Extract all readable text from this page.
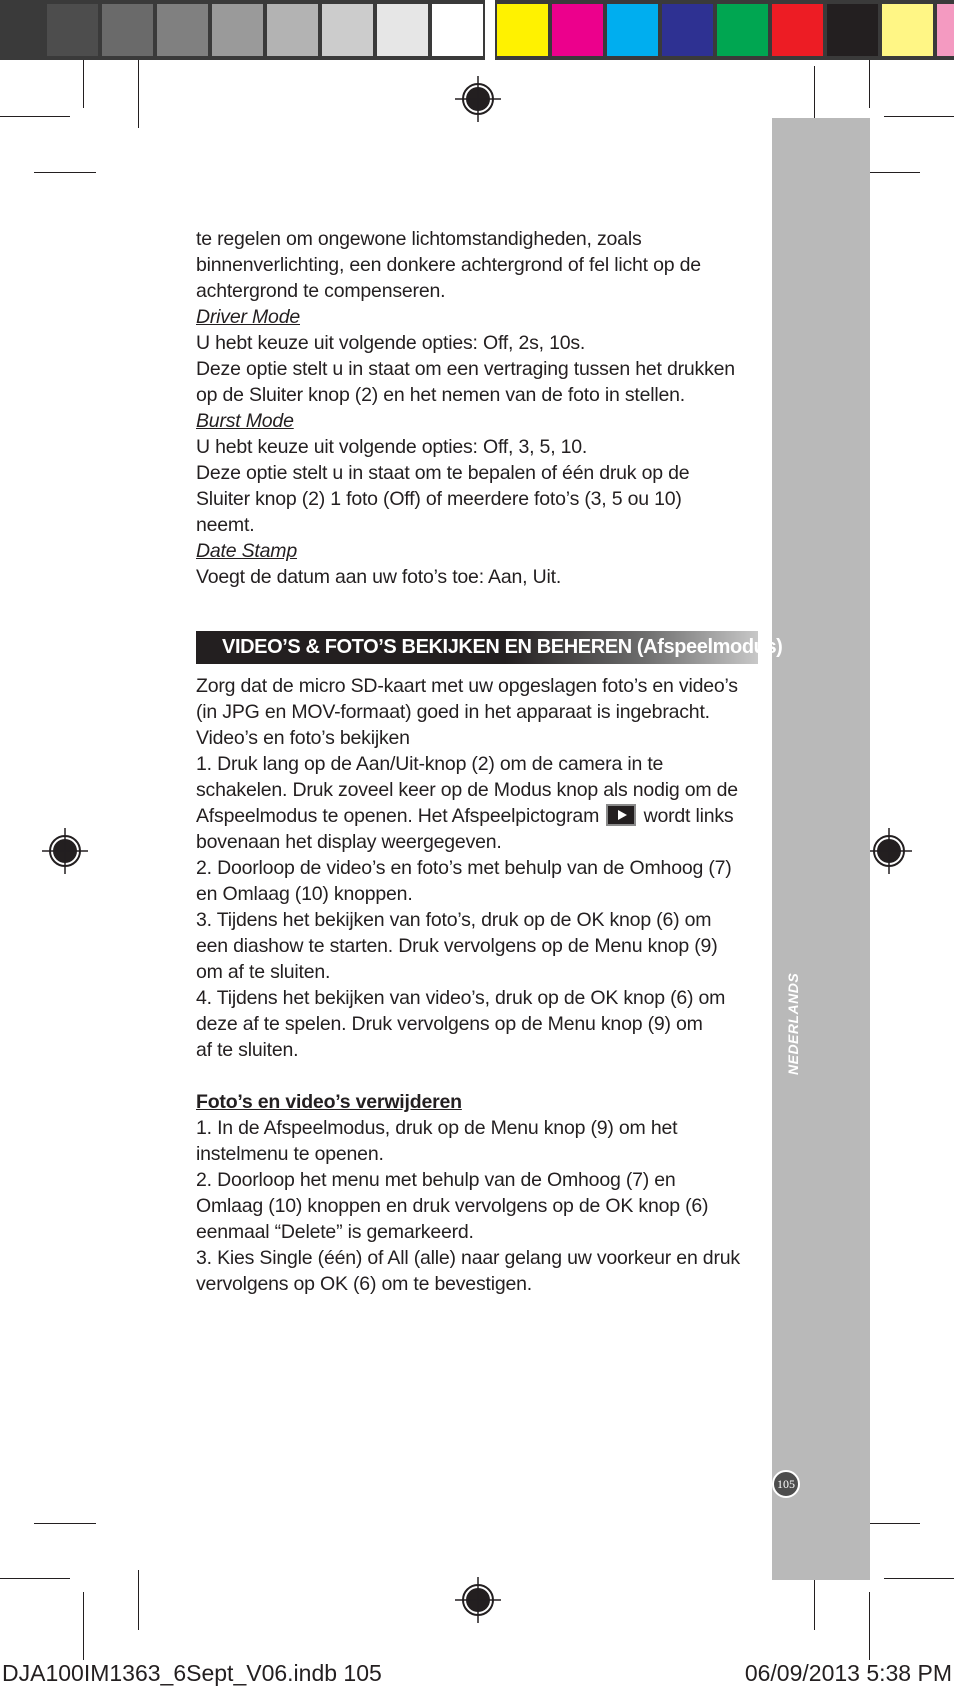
NEDERLANDS
105

te regelen om ongewone lichtomstandigheden, zoals

binnenverlichting, een donkere achtergrond of fel licht op de

achtergrond te compenseren.

Driver Mode

U hebt keuze uit volgende opties: Off, 2s, 10s.

Deze optie stelt u in staat om een vertraging tussen het drukken

op de Sluiter knop (2) en het nemen van de foto in stellen.

Burst Mode

U hebt keuze uit volgende opties: Off, 3, 5, 10.

Deze optie stelt u in staat om te bepalen of één druk op de

Sluiter knop (2) 1 foto (Off) of meerdere foto’s (3, 5 ou 10)

neemt.

Date Stamp

Voegt de datum aan uw foto’s toe: Aan, Uit.

VIDEO’S & FOTO’S BEKIJKEN EN BEHEREN (Afspeelmodus)

Zorg dat de micro SD-kaart met uw opgeslagen foto’s en video’s

(in JPG en MOV-formaat) goed in het apparaat is ingebracht.

Video’s en foto’s bekijken

1. Druk lang op de Aan/Uit-knop (2) om de camera in te

schakelen. Druk zoveel keer op de Modus knop als nodig om de

Afspeelmodus te openen. Het Afspeelpictogram wordt links

bovenaan het display weergegeven.

2. Doorloop de video’s en foto’s met behulp van de Omhoog (7)

en Omlaag (10) knoppen.

3. Tijdens het bekijken van foto’s, druk op de OK knop (6) om

een diashow te starten. Druk vervolgens op de Menu knop (9)

om af te sluiten.

4. Tijdens het bekijken van video’s, druk op de OK knop (6) om

deze af te spelen. Druk vervolgens op de Menu knop (9) om

af te sluiten.

Foto’s en video’s verwijderen

1. In de Afspeelmodus, druk op de Menu knop (9) om het

instelmenu te openen.

2. Doorloop het menu met behulp van de Omhoog (7) en

Omlaag (10) knoppen en druk vervolgens op de OK knop (6)

eenmaal “Delete” is gemarkeerd.

3. Kies Single (één) of All (alle) naar gelang uw voorkeur en druk

vervolgens op OK (6) om te bevestigen.

DJA100IM1363_6Sept_V06.indb 105	06/09/2013 5:38 PM
